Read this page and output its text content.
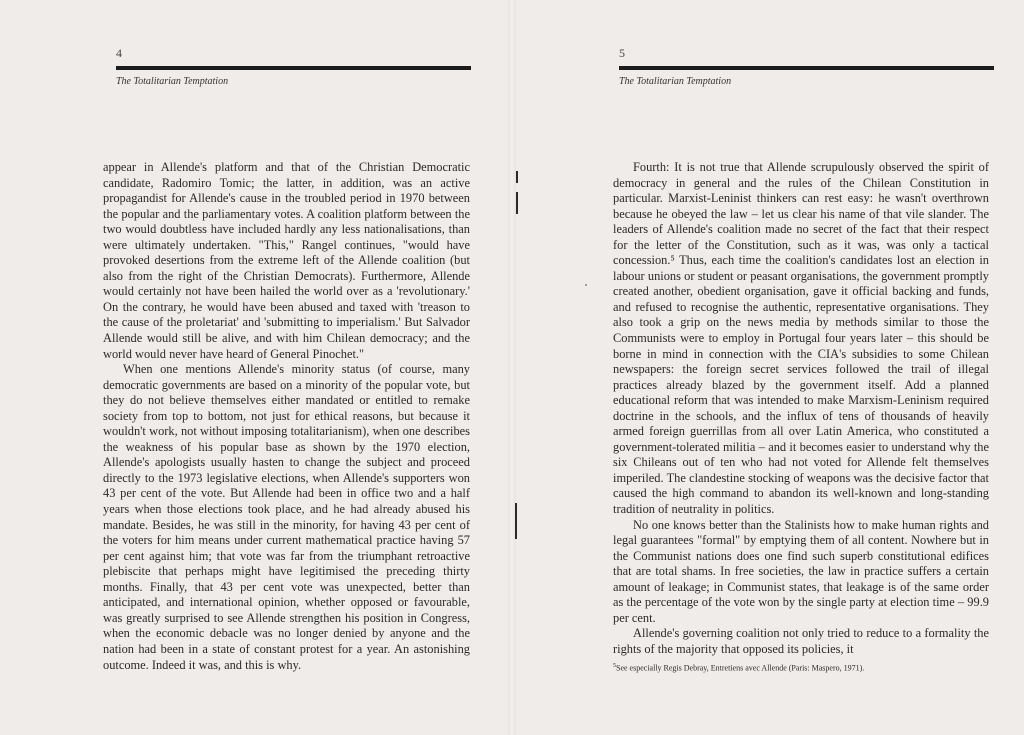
4
The Totalitarian Temptation

appear in Allende's platform and that of the Christian Democratic candidate, Radomiro Tomic; the latter, in addition, was an active propagandist for Allende's cause in the troubled period in 1970 between the popular and the parliamentary votes. A coalition platform between the two would doubtless have included hardly any less nationalisations, than were ultimately undertaken. "This," Rangel continues, "would have provoked desertions from the extreme left of the Allende coalition (but also from the right of the Christian Democrats). Furthermore, Allende would certainly not have been hailed the world over as a 'revolutionary.' On the contrary, he would have been abused and taxed with 'treason to the cause of the proletariat' and 'submitting to imperialism.' But Salvador Allende would still be alive, and with him Chilean democracy; and the world would never have heard of General Pinochet."

When one mentions Allende's minority status (of course, many democratic governments are based on a minority of the popular vote, but they do not believe themselves either mandated or entitled to remake society from top to bottom, not just for ethical reasons, but because it wouldn't work, not without imposing totalitarianism), when one describes the weakness of his popular base as shown by the 1970 election, Allende's apologists usually hasten to change the subject and proceed directly to the 1973 legislative elections, when Allende's supporters won 43 per cent of the vote. But Allende had been in office two and a half years when those elections took place, and he had already abused his mandate. Besides, he was still in the minority, for having 43 per cent of the voters for him means under current mathematical practice having 57 per cent against him; that vote was far from the triumphant retroactive plebiscite that perhaps might have legitimised the preceding thirty months. Finally, that 43 per cent vote was unexpected, better than anticipated, and international opinion, whether opposed or favourable, was greatly surprised to see Allende strengthen his position in Congress, when the economic debacle was no longer denied by anyone and the nation had been in a state of constant protest for a year. An astonishing outcome. Indeed it was, and this is why.

5
The Totalitarian Temptation

Fourth: It is not true that Allende scrupulously observed the spirit of democracy in general and the rules of the Chilean Constitution in particular. Marxist-Leninist thinkers can rest easy: he wasn't overthrown because he obeyed the law – let us clear his name of that vile slander. The leaders of Allende's coalition made no secret of the fact that their respect for the letter of the Constitution, such as it was, was only a tactical concession.⁵ Thus, each time the coalition's candidates lost an election in labour unions or student or peasant organisations, the government promptly created another, obedient organisation, gave it official backing and funds, and refused to recognise the authentic, representative organisations. They also took a grip on the news media by methods similar to those the Communists were to employ in Portugal four years later – this should be borne in mind in connection with the CIA's subsidies to some Chilean newspapers: the foreign secret services followed the trail of illegal practices already blazed by the government itself. Add a planned educational reform that was intended to make Marxism-Leninism required doctrine in the schools, and the influx of tens of thousands of heavily armed foreign guerrillas from all over Latin America, who constituted a government-tolerated militia – and it becomes easier to understand why the six Chileans out of ten who had not voted for Allende felt themselves imperiled. The clandestine stocking of weapons was the decisive factor that caused the high command to abandon its well-known and long-standing tradition of neutrality in politics.

No one knows better than the Stalinists how to make human rights and legal guarantees "formal" by emptying them of all content. Nowhere but in the Communist nations does one find such superb constitutional edifices that are total shams. In free societies, the law in practice suffers a certain amount of leakage; in Communist states, that leakage is of the same order as the percentage of the vote won by the single party at election time – 99.9 per cent.

Allende's governing coalition not only tried to reduce to a formality the rights of the majority that opposed its policies, it

$^5$See especially Regis Debray, Entretiens avec Allende (Paris: Maspero, 1971).
